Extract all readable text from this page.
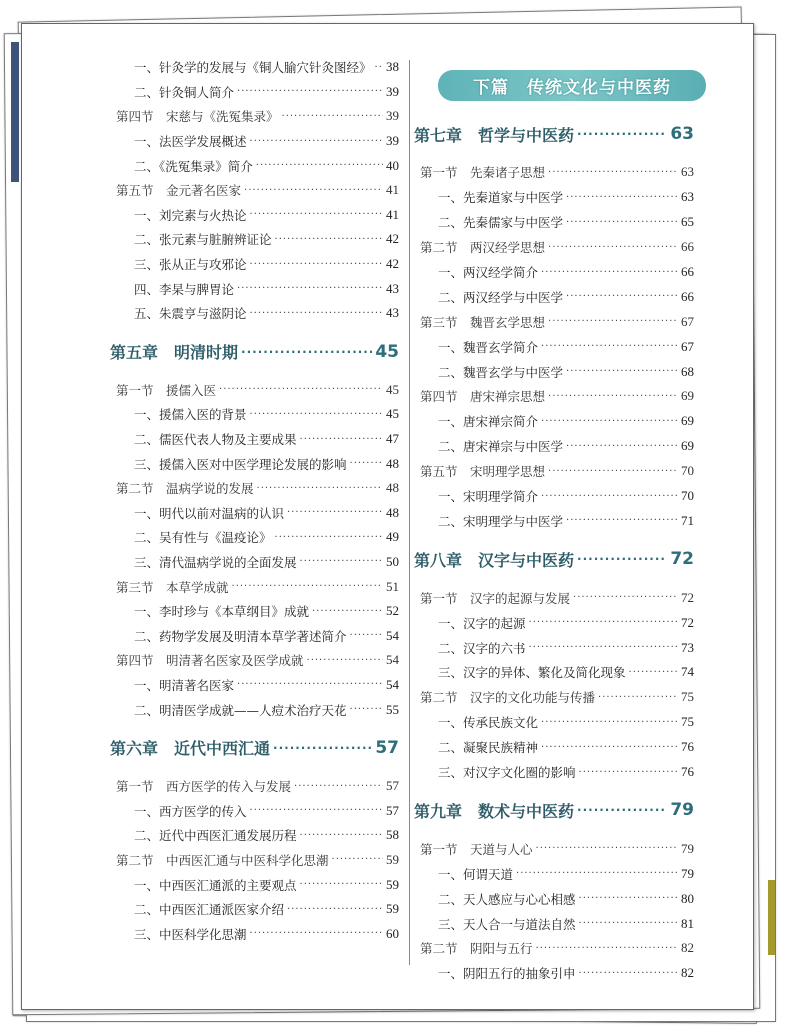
下篇 传统文化与中医药
一、针灸学的发展与《铜人腧穴针灸图经》 ····· 38
二、针灸铜人简介 ·····	39
第四节　宋慈与《洗冤集录》 ·····	39
一、法医学发展概述 ·····	39
二、《洗冤集录》简介 ·····	40
第五节　金元著名医家 ·····	41
一、刘完素与火热论 ·····	41
二、张元素与脏腑辨证论 ·····	42
三、张从正与攻邪论 ·····	42
四、李杲与脾胃论 ·····	43
五、朱震亨与滋阴论 ·····	43
第五章　明清时期 ·····	45
第一节　援儒入医 ·····	45
一、援儒入医的背景 ·····	45
二、儒医代表人物及主要成果 ·····	47
三、援儒入医对中医学理论发展的影响 ·····	48
第二节　温病学说的发展 ·····	48
一、明代以前对温病的认识 ·····	48
二、吴有性与《温疫论》 ·····	49
三、清代温病学说的全面发展 ·····	50
第三节　本草学成就 ·····	51
一、李时珍与《本草纲目》成就 ·····	52
二、药物学发展及明清本草学著述简介 ·····	54
第四节　明清著名医家及医学成就 ·····	54
一、明清著名医家 ·····	54
二、明清医学成就——人痘术治疗天花 ·····	55
第六章　近代中西汇通 ·····	57
第一节　西方医学的传入与发展 ·····	57
一、西方医学的传入 ·····	57
二、近代中西医汇通发展历程 ·····	58
第二节　中西医汇通与中医科学化思潮 ·····	59
一、中西医汇通派的主要观点 ·····	59
二、中西医汇通派医家介绍 ·····	59
三、中医科学化思潮 ·····	60
第七章　哲学与中医药 ·····	63
第一节　先秦诸子思想 ·····	63
一、先秦道家与中医学 ·····	63
二、先秦儒家与中医学 ·····	65
第二节　两汉经学思想 ·····	66
一、两汉经学简介 ·····	66
二、两汉经学与中医学 ·····	66
第三节　魏晋玄学思想 ·····	67
一、魏晋玄学简介 ·····	67
二、魏晋玄学与中医学 ·····	68
第四节　唐宋禅宗思想 ·····	69
一、唐宋禅宗简介 ·····	69
二、唐宋禅宗与中医学 ·····	69
第五节　宋明理学思想 ·····	70
一、宋明理学简介 ·····	70
二、宋明理学与中医学 ·····	71
第八章　汉字与中医药 ·····	72
第一节　汉字的起源与发展 ·····	72
一、汉字的起源 ·····	72
二、汉字的六书 ·····	73
三、汉字的异体、繁化及简化现象 ·····	74
第二节　汉字的文化功能与传播 ·····	75
一、传承民族文化 ·····	75
二、凝聚民族精神 ·····	76
三、对汉字文化圈的影响 ·····	76
第九章　数术与中医药 ·····	79
第一节　天道与人心 ·····	79
一、何谓天道 ·····	79
二、天人感应与心心相感 ·····	80
三、天人合一与道法自然 ·····	81
第二节　阴阳与五行 ·····	82
一、阴阳五行的抽象引申 ·····	82
